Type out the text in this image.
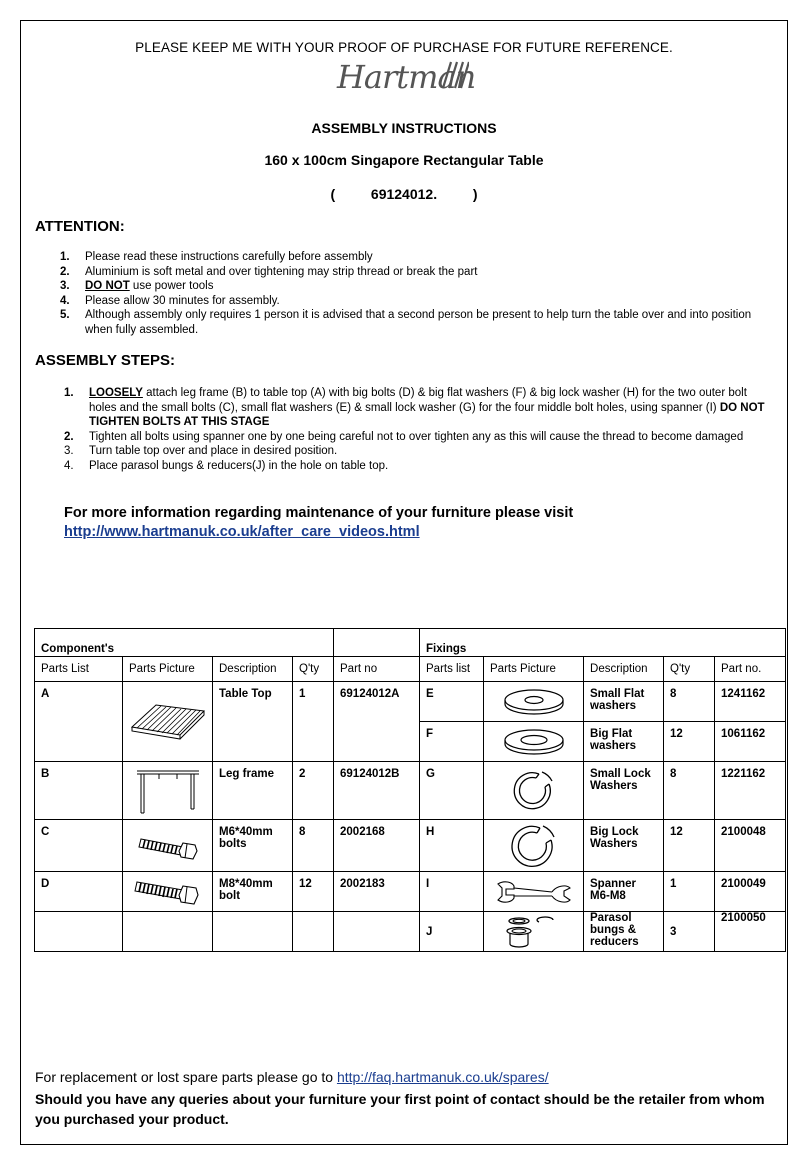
PLEASE KEEP ME WITH YOUR PROOF OF PURCHASE FOR FUTURE REFERENCE.
Hartman
ASSEMBLY INSTRUCTIONS
160 x 100cm Singapore Rectangular Table
(	69124012.	)
ATTENTION:
1. Please read these instructions carefully before assembly
2. Aluminium is soft metal and over tightening may strip thread or break the part
3. DO NOT use power tools
4. Please allow 30 minutes for assembly.
5. Although assembly only requires 1 person it is advised that a second person be present to help turn the table over and into position when fully assembled.
ASSEMBLY STEPS:
1. LOOSELY attach leg frame (B) to table top (A) with big bolts (D) & big flat washers (F) & big lock washer (H) for the two outer bolt holes and the small bolts (C), small flat washers (E) & small lock washer (G) for the four middle bolt holes, using spanner (I) DO NOT TIGHTEN BOLTS AT THIS STAGE
2. Tighten all bolts using spanner one by one being careful not to over tighten any as this will cause the thread to become damaged
3. Turn table top over and place in desired position.
4. Place parasol bungs & reducers(J) in the hole on table top.
For more information regarding maintenance of your furniture please visit
http://www.hartmanuk.co.uk/after_care_videos.html
Component's					Fixings				
Parts List	Parts Picture	Description	Q'ty	Part no	Parts list	Parts Picture	Description	Q'ty	Part no.
A		Table Top	1	69124012A	E		Small Flat washers	8	1241162
					F		Big Flat washers	12	1061162
B		Leg frame	2	69124012B	G		Small Lock Washers	8	1221162
C		M6*40mm bolts	8	2002168	H		Big Lock Washers	12	2100048
D		M8*40mm bolt	12	2002183	I		Spanner M6-M8	1	2100049
					J		Parasol bungs & reducers	3	2100050
For replacement or lost spare parts please go to http://faq.hartmanuk.co.uk/spares/
Should you have any queries about your furniture your first point of contact should be the retailer from whom you purchased your product.
